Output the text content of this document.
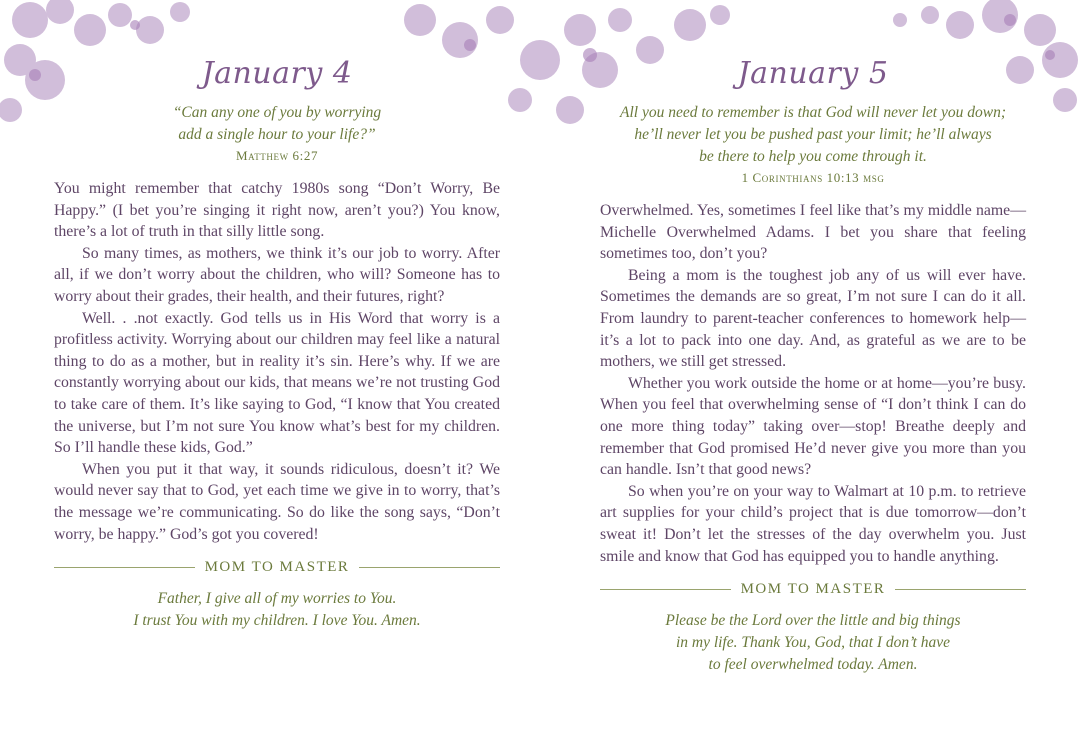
January 4
“Can any one of you by worrying
add a single hour to your life?”
Matthew 6:27

You might remember that catchy 1980s song “Don’t Worry, Be Happy.” (I bet you’re singing it right now, aren’t you?) You know, there’s a lot of truth in that silly little song.

So many times, as mothers, we think it’s our job to worry. After all, if we don’t worry about the children, who will? Someone has to worry about their grades, their health, and their futures, right?

Well. . .not exactly. God tells us in His Word that worry is a profitless activity. Worrying about our children may feel like a natural thing to do as a mother, but in reality it’s sin. Here’s why. If we are constantly worrying about our kids, that means we’re not trusting God to take care of them. It’s like saying to God, “I know that You created the universe, but I’m not sure You know what’s best for my children. So I’ll handle these kids, God.”

When you put it that way, it sounds ridiculous, doesn’t it? We would never say that to God, yet each time we give in to worry, that’s the message we’re communicating. So do like the song says, “Don’t worry, be happy.” God’s got you covered!

MOM TO MASTER
Father, I give all of my worries to You.
I trust You with my children. I love You. Amen.
January 5
All you need to remember is that God will never let you down;
he’ll never let you be pushed past your limit; he’ll always
be there to help you come through it.
1 Corinthians 10:13 msg

Overwhelmed. Yes, sometimes I feel like that’s my middle name—Michelle Overwhelmed Adams. I bet you share that feeling sometimes too, don’t you?

Being a mom is the toughest job any of us will ever have. Sometimes the demands are so great, I’m not sure I can do it all. From laundry to parent-teacher conferences to homework help—it’s a lot to pack into one day. And, as grateful as we are to be mothers, we still get stressed.

Whether you work outside the home or at home—you’re busy. When you feel that overwhelming sense of “I don’t think I can do one more thing today” taking over—stop! Breathe deeply and remember that God promised He’d never give you more than you can handle. Isn’t that good news?

So when you’re on your way to Walmart at 10 p.m. to retrieve art supplies for your child’s project that is due tomorrow—don’t sweat it! Don’t let the stresses of the day overwhelm you. Just smile and know that God has equipped you to handle anything.

MOM TO MASTER
Please be the Lord over the little and big things
in my life. Thank You, God, that I don’t have
to feel overwhelmed today. Amen.
